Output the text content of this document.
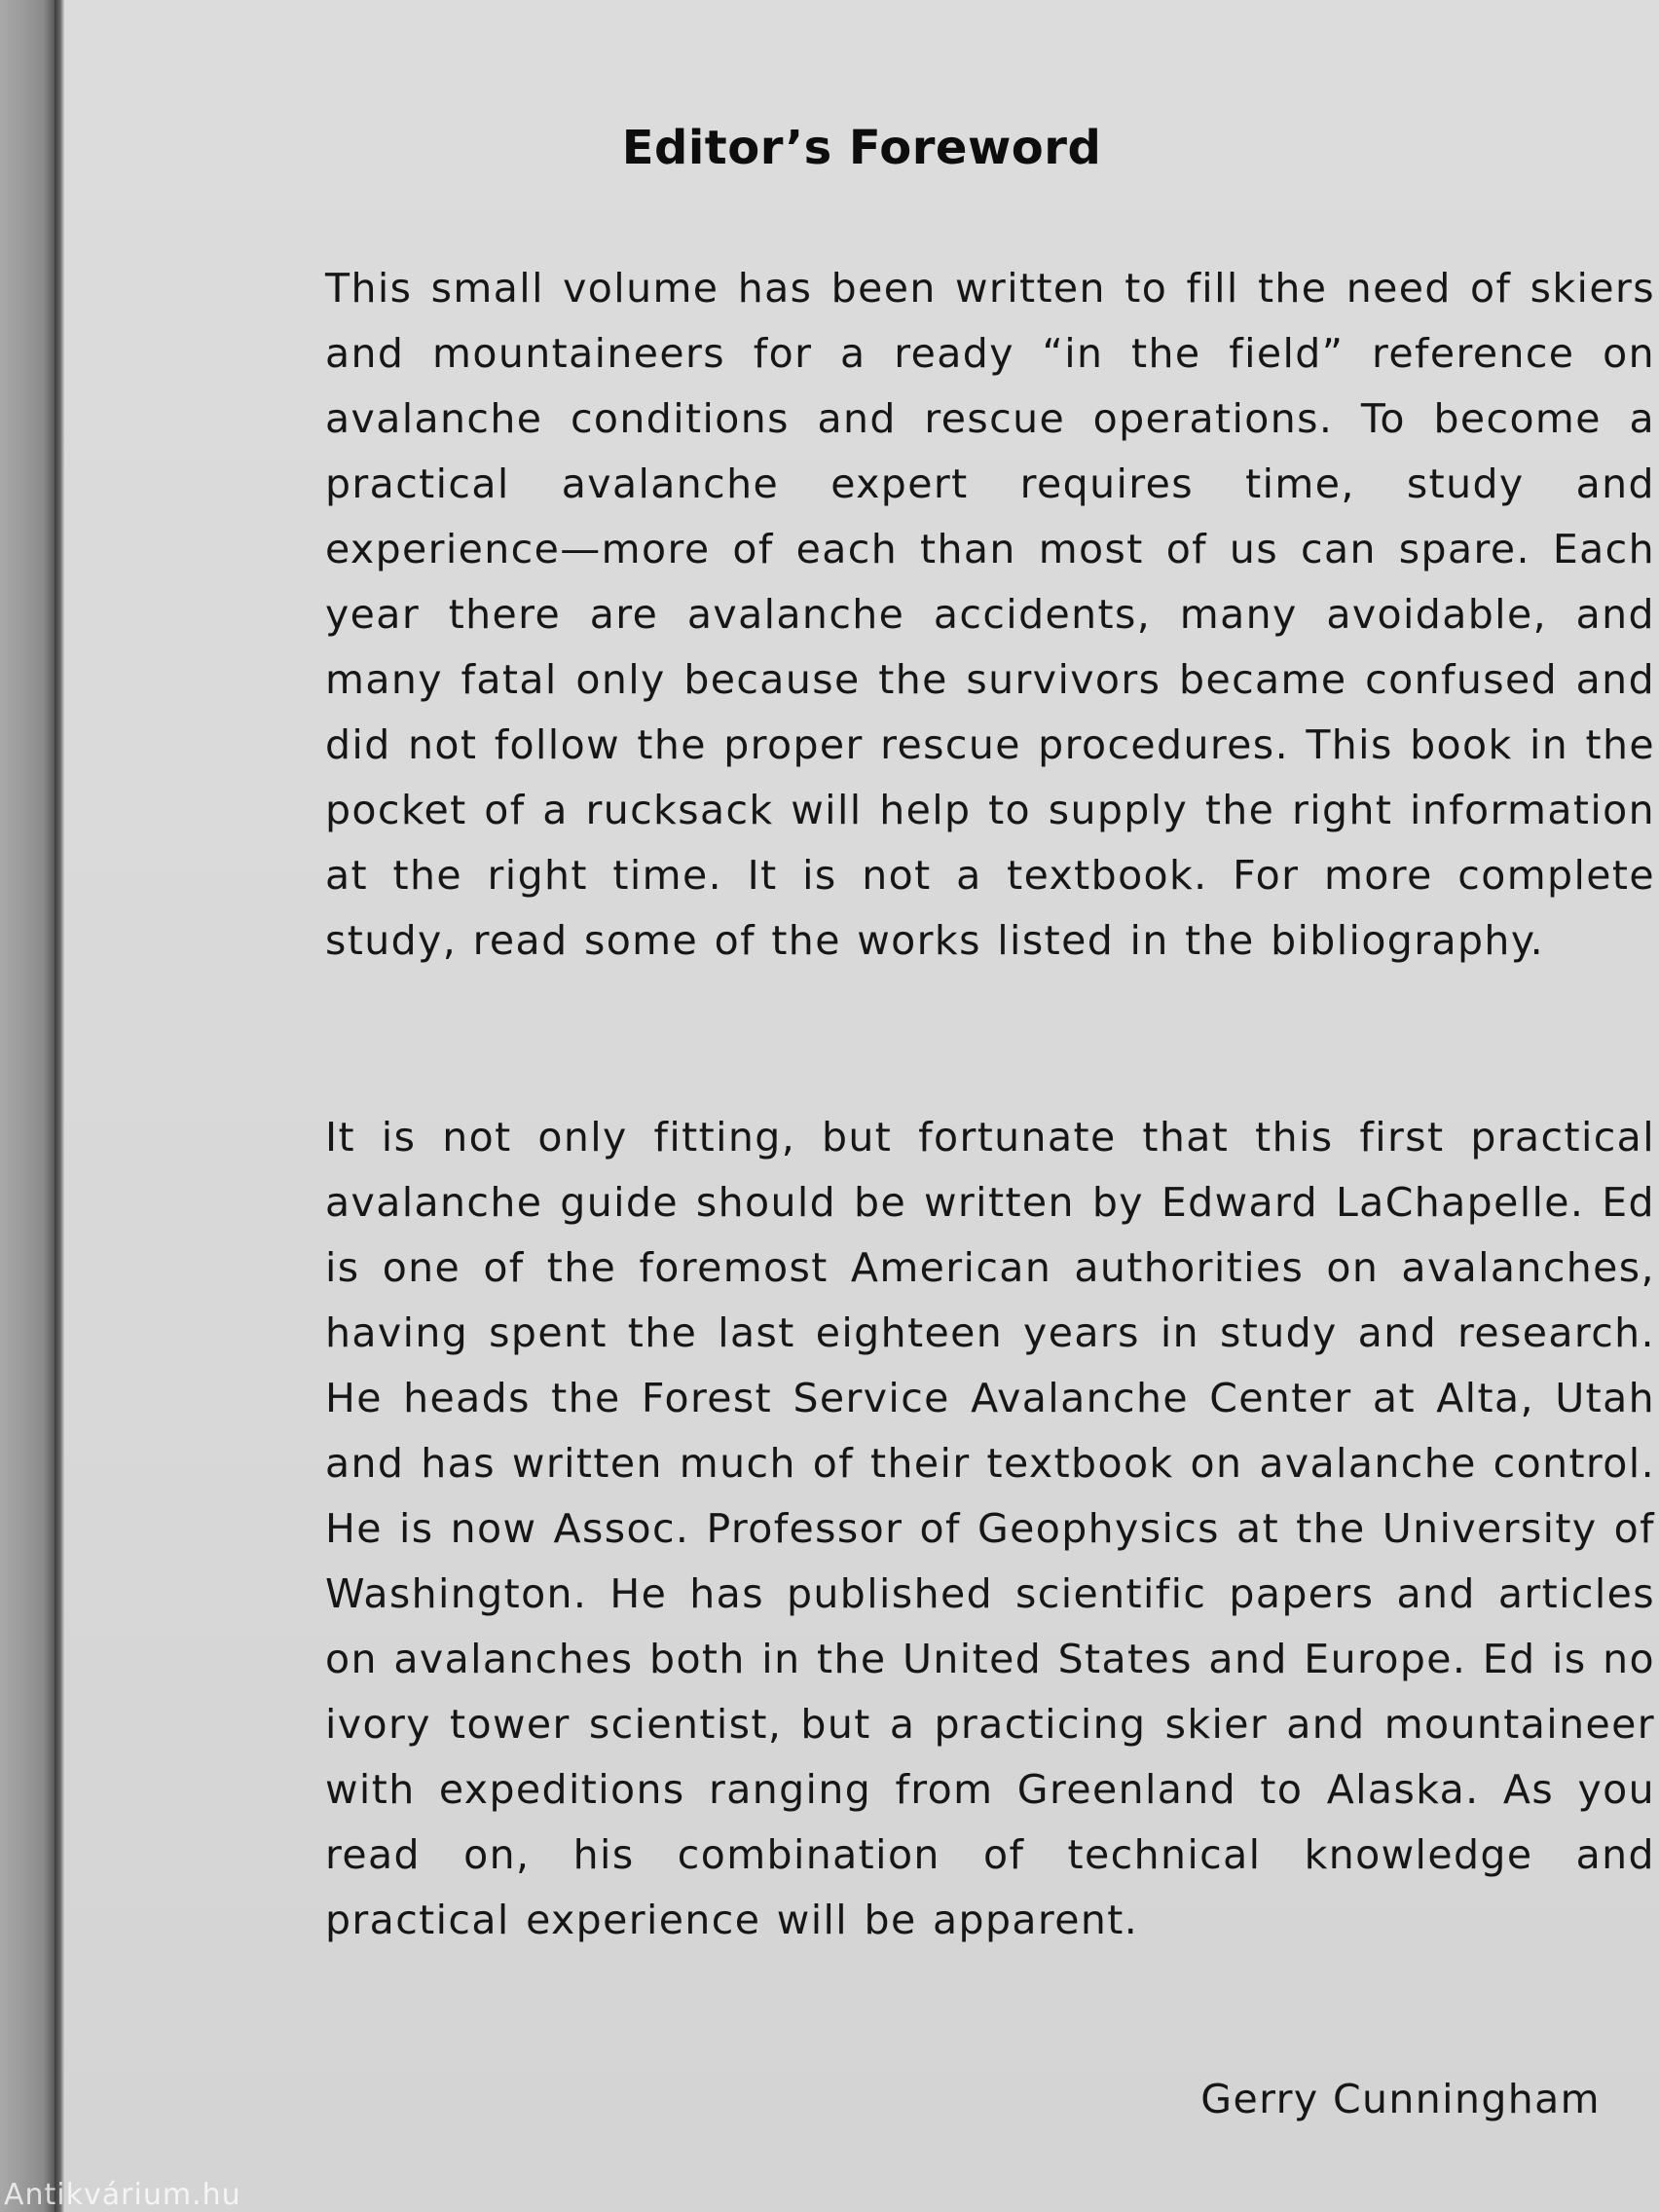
Editor’s Foreword

This small volume has been written to fill the need of skiers and mountaineers for a ready “in the field” reference on avalanche conditions and rescue operations. To become a practical avalanche expert requires time, study and experience—more of each than most of us can spare. Each year there are avalanche accidents, many avoidable, and many fatal only because the survivors became confused and did not follow the proper rescue procedures. This book in the pocket of a rucksack will help to supply the right information at the right time. It is not a textbook. For more complete study, read some of the works listed in the bibliography.

It is not only fitting, but fortunate that this first practical avalanche guide should be written by Edward LaChapelle. Ed is one of the foremost American authorities on avalanches, having spent the last eighteen years in study and research. He heads the Forest Service Avalanche Center at Alta, Utah and has written much of their textbook on avalanche control. He is now Assoc. Professor of Geophysics at the University of Washington. He has published scientific papers and articles on avalanches both in the United States and Europe. Ed is no ivory tower scientist, but a practicing skier and mountaineer with expeditions ranging from Greenland to Alaska. As you read on, his combination of technical knowledge and practical experience will be apparent.

Gerry Cunningham

Antikvárium.hu
